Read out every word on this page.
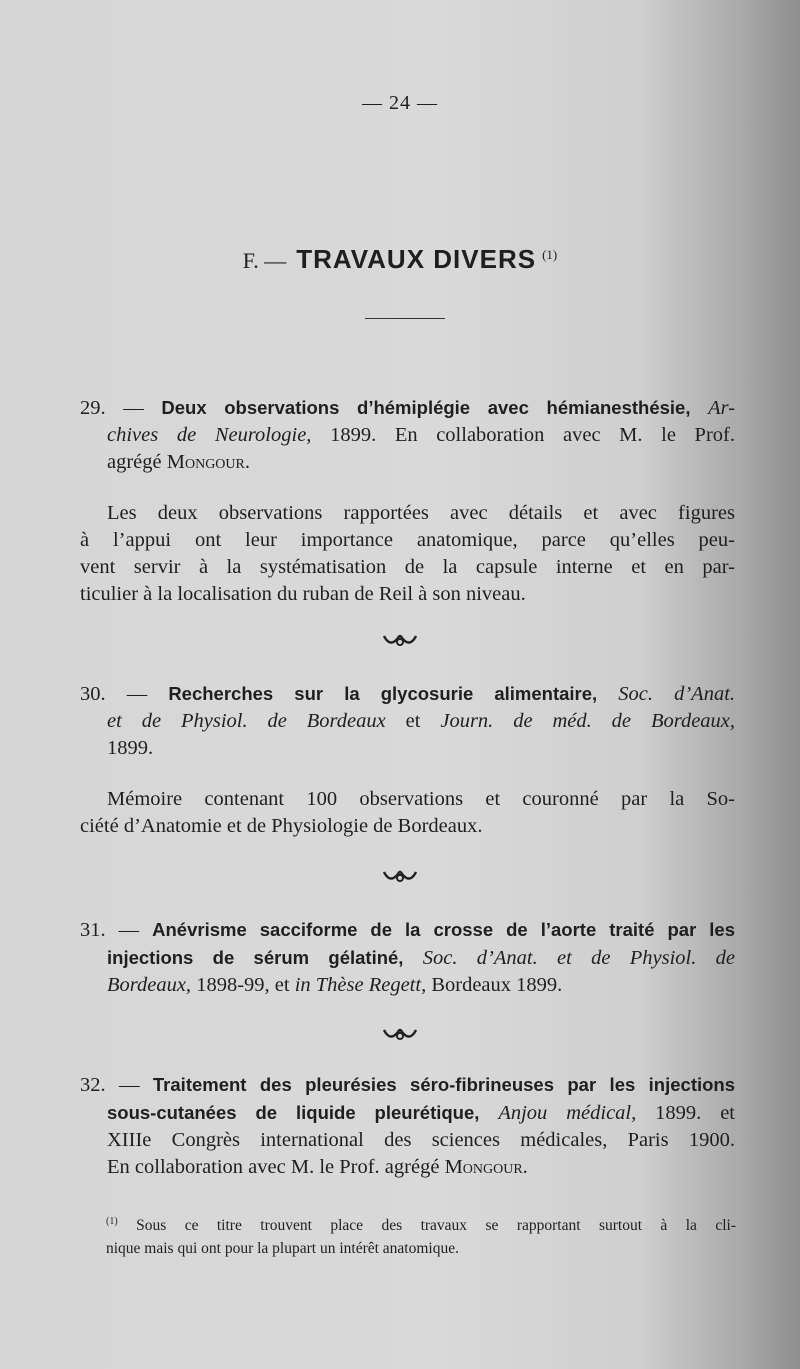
— 24 —
F. — TRAVAUX DIVERS $^{(1)}$
29. — Deux observations d’hémiplégie avec hémianesthésie, Ar-
chives de Neurologie, 1899. En collaboration avec M. le Prof.
agrégé Mongour.
Les deux observations rapportées avec détails et avec figures
à l’appui ont leur importance anatomique, parce qu’elles peu-
vent servir à la systématisation de la capsule interne et en par-
ticulier à la localisation du ruban de Reil à son niveau.
30. — Recherches sur la glycosurie alimentaire, Soc. d’Anat.
et de Physiol. de Bordeaux et Journ. de méd. de Bordeaux,
1899.
Mémoire contenant 100 observations et couronné par la So-
ciété d’Anatomie et de Physiologie de Bordeaux.
31. — Anévrisme sacciforme de la crosse de l’aorte traité par les
injections de sérum gélatiné, Soc. d’Anat. et de Physiol. de
Bordeaux, 1898-99, et in Thèse Regett, Bordeaux 1899.
32. — Traitement des pleurésies séro-fibrineuses par les injections
sous-cutanées de liquide pleurétique, Anjou médical, 1899. et
XIIIe Congrès international des sciences médicales, Paris 1900.
En collaboration avec M. le Prof. agrégé Mongour.
$^{(1)}$ Sous ce titre trouvent place des travaux se rapportant surtout à la cli-
nique mais qui ont pour la plupart un intérêt anatomique.
